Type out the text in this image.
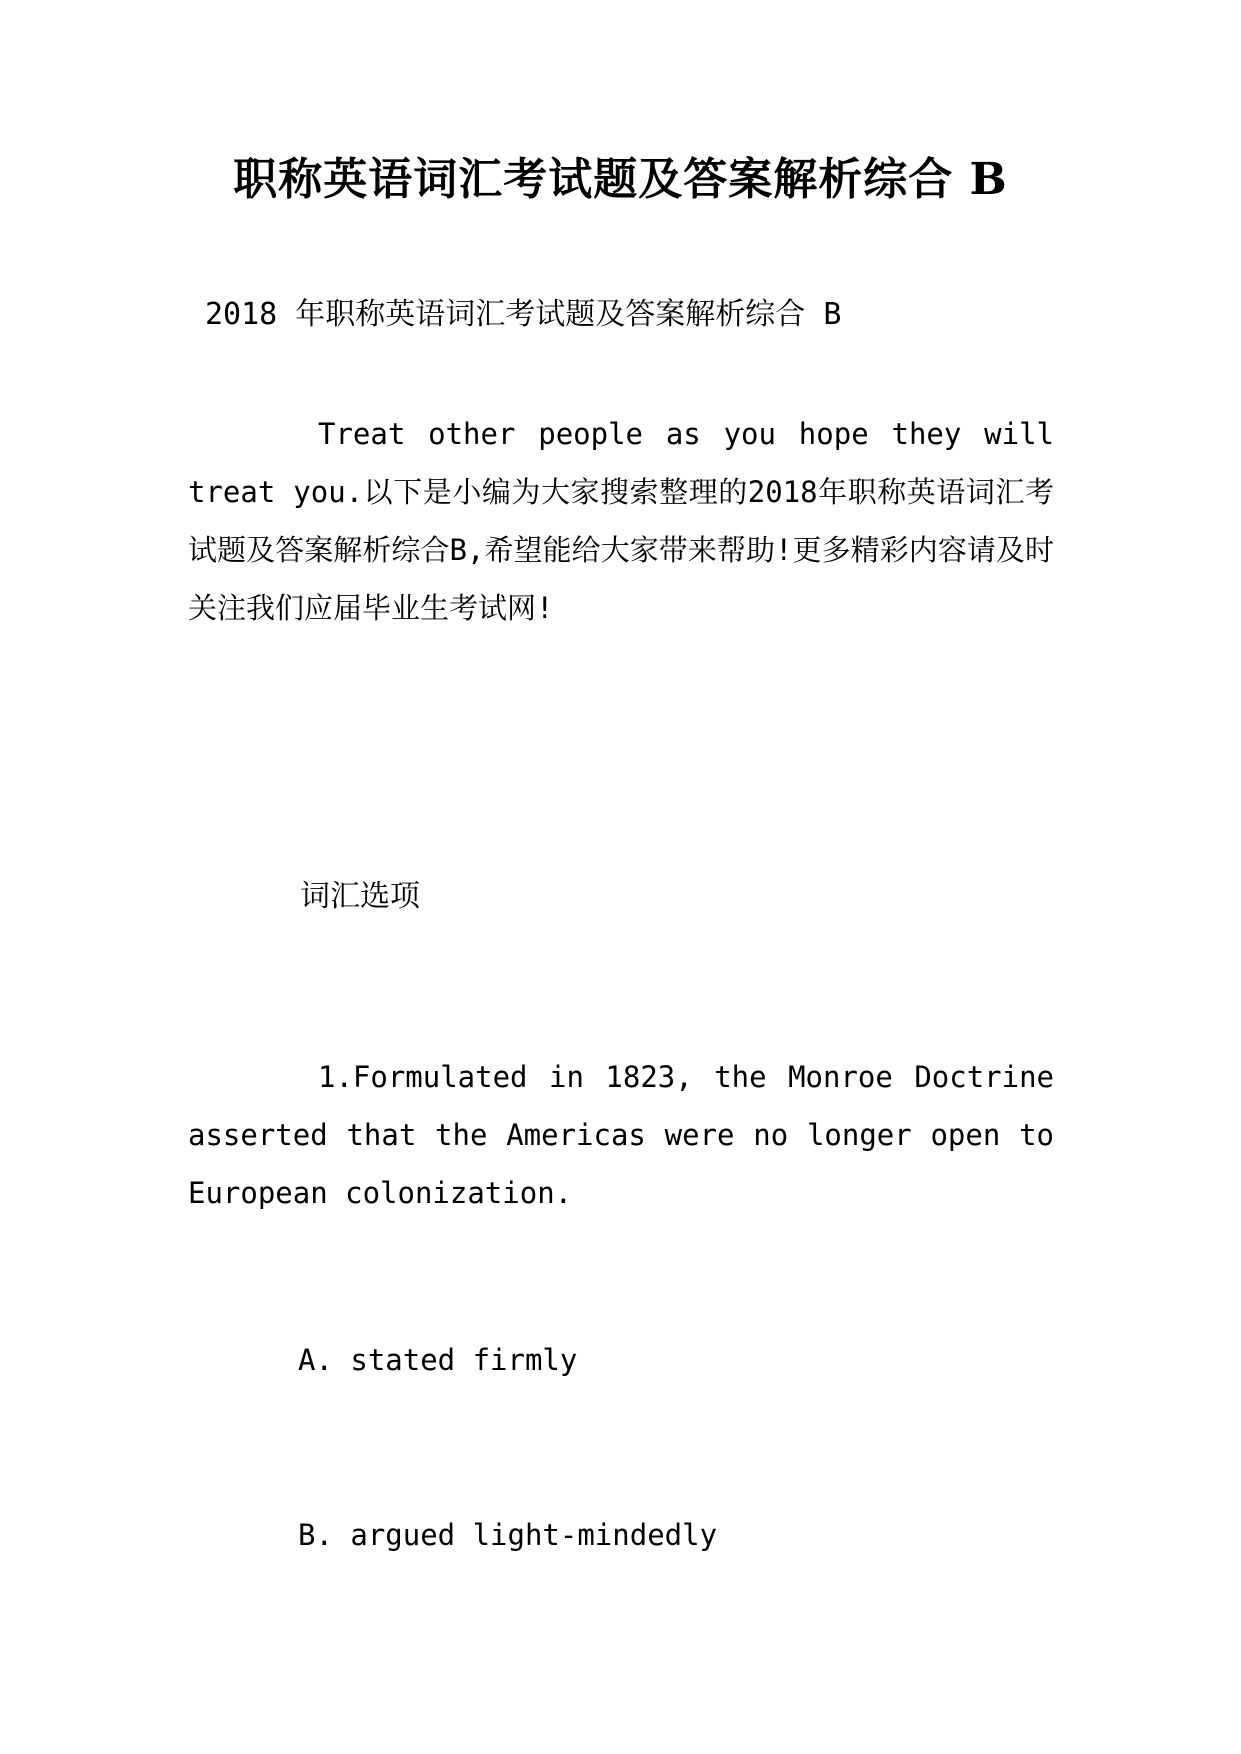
职称英语词汇考试题及答案解析综合 B

2018 年职称英语词汇考试题及答案解析综合 B

Treat other people as you hope they will treat you.以下是小编为大家搜索整理的2018年职称英语词汇考试题及答案解析综合B,希望能给大家带来帮助!更多精彩内容请及时关注我们应届毕业生考试网!

词汇选项

1.Formulated in 1823, the Monroe Doctrine asserted that the Americas were no longer open to European colonization.

A. stated firmly

B. argued light-mindedly
